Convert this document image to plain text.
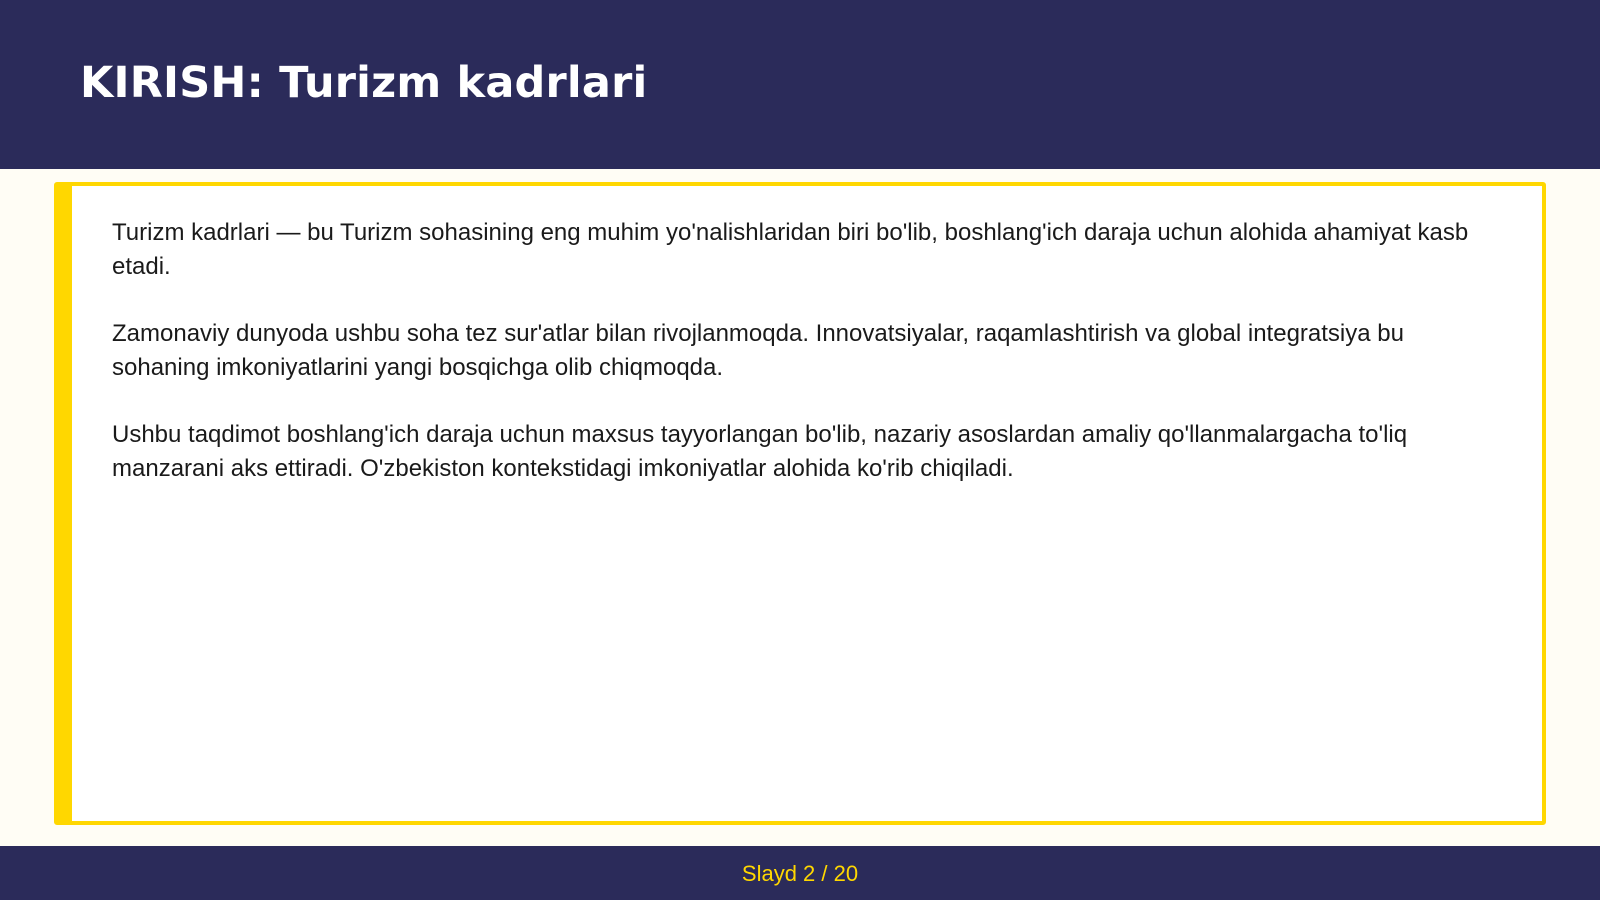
KIRISH: Turizm kadrlari

Turizm kadrlari — bu Turizm sohasining eng muhim yo'nalishlaridan biri bo'lib, boshlang'ich daraja uchun alohida ahamiyat kasb etadi.

Zamonaviy dunyoda ushbu soha tez sur'atlar bilan rivojlanmoqda. Innovatsiyalar, raqamlashtirish va global integratsiya bu sohaning imkoniyatlarini yangi bosqichga olib chiqmoqda.

Ushbu taqdimot boshlang'ich daraja uchun maxsus tayyorlangan bo'lib, nazariy asoslardan amaliy qo'llanmalargacha to'liq manzarani aks ettiradi. O'zbekiston kontekstidagi imkoniyatlar alohida ko'rib chiqiladi.

Slayd 2 / 20
